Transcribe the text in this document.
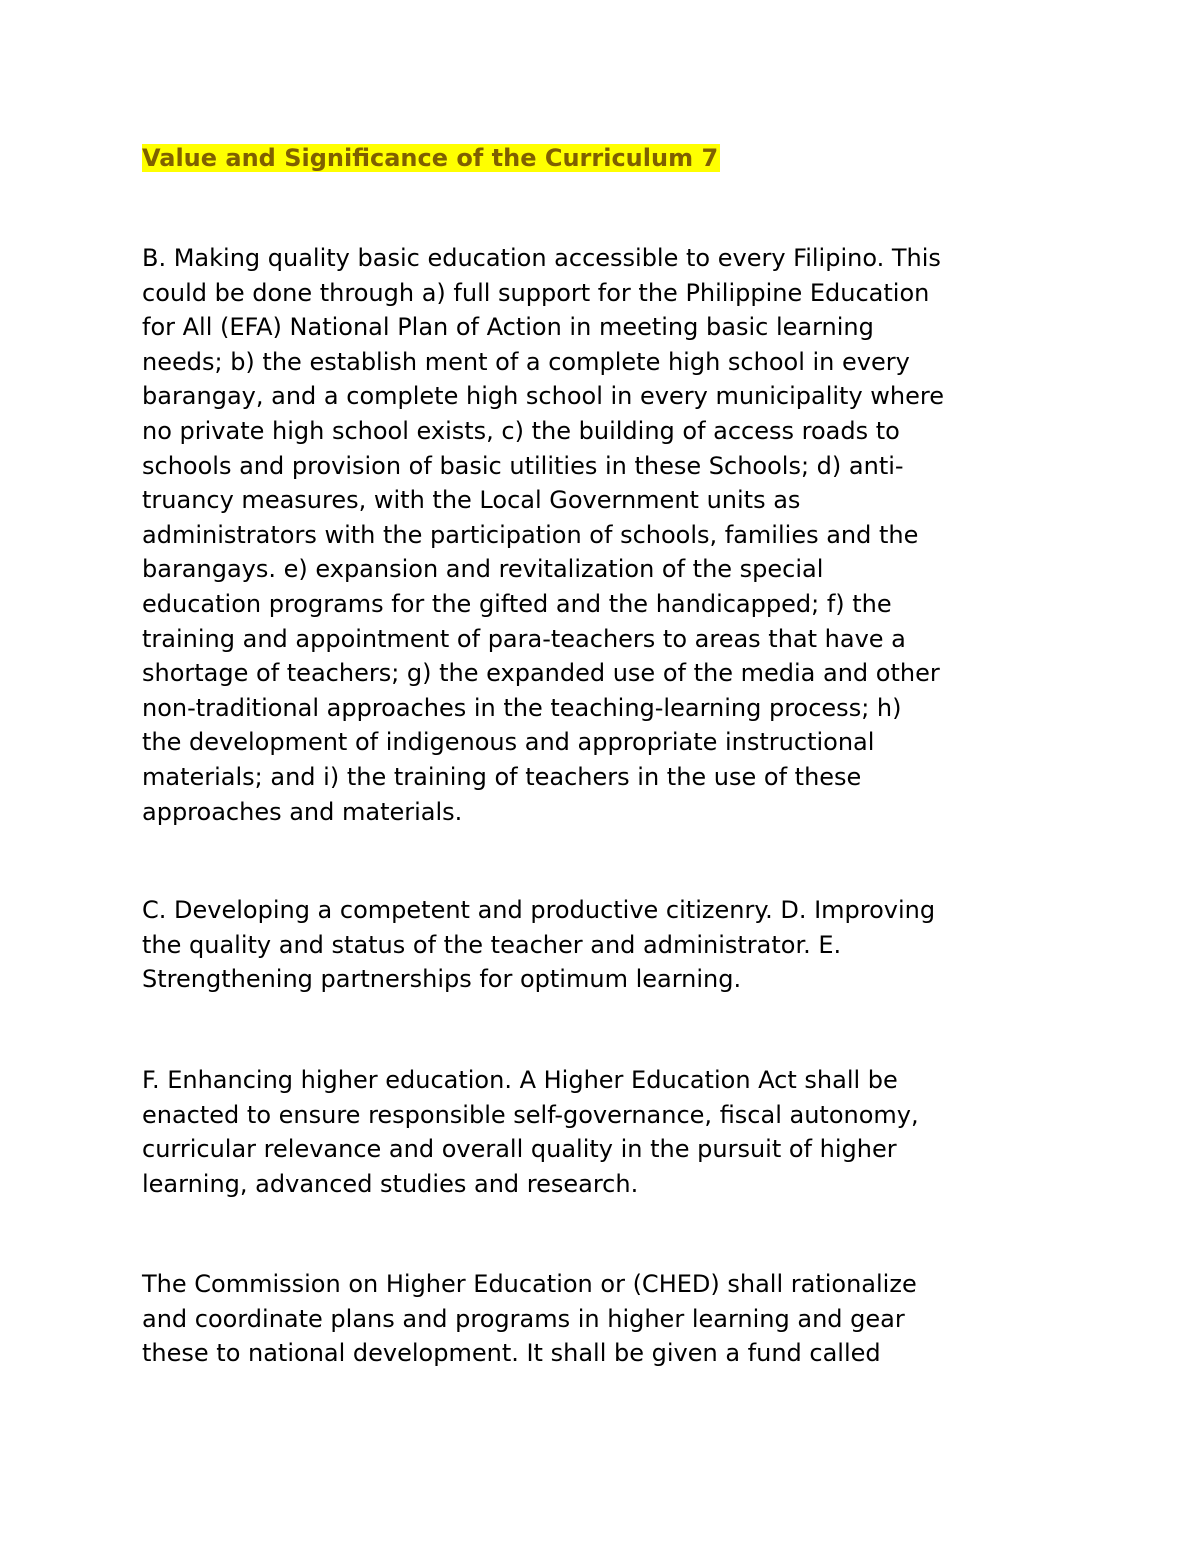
Value and Significance of the Curriculum 7

B. Making quality basic education accessible to every Filipino. This
could be done through a) full support for the Philippine Education
for All (EFA) National Plan of Action in meeting basic learning
needs; b) the establish ment of a complete high school in every
barangay, and a complete high school in every municipality where
no private high school exists, c) the building of access roads to
schools and provision of basic utilities in these Schools; d) anti-
truancy measures, with the Local Government units as
administrators with the participation of schools, families and the
barangays. e) expansion and revitalization of the special
education programs for the gifted and the handicapped; f) the
training and appointment of para-teachers to areas that have a
shortage of teachers; g) the expanded use of the media and other
non-traditional approaches in the teaching-learning process; h)
the development of indigenous and appropriate instructional
materials; and i) the training of teachers in the use of these
approaches and materials.

C. Developing a competent and productive citizenry. D. Improving
the quality and status of the teacher and administrator. E.
Strengthening partnerships for optimum learning.

F. Enhancing higher education. A Higher Education Act shall be
enacted to ensure responsible self-governance, fiscal autonomy,
curricular relevance and overall quality in the pursuit of higher
learning, advanced studies and research.

The Commission on Higher Education or (CHED) shall rationalize
and coordinate plans and programs in higher learning and gear
these to national development. It shall be given a fund called
